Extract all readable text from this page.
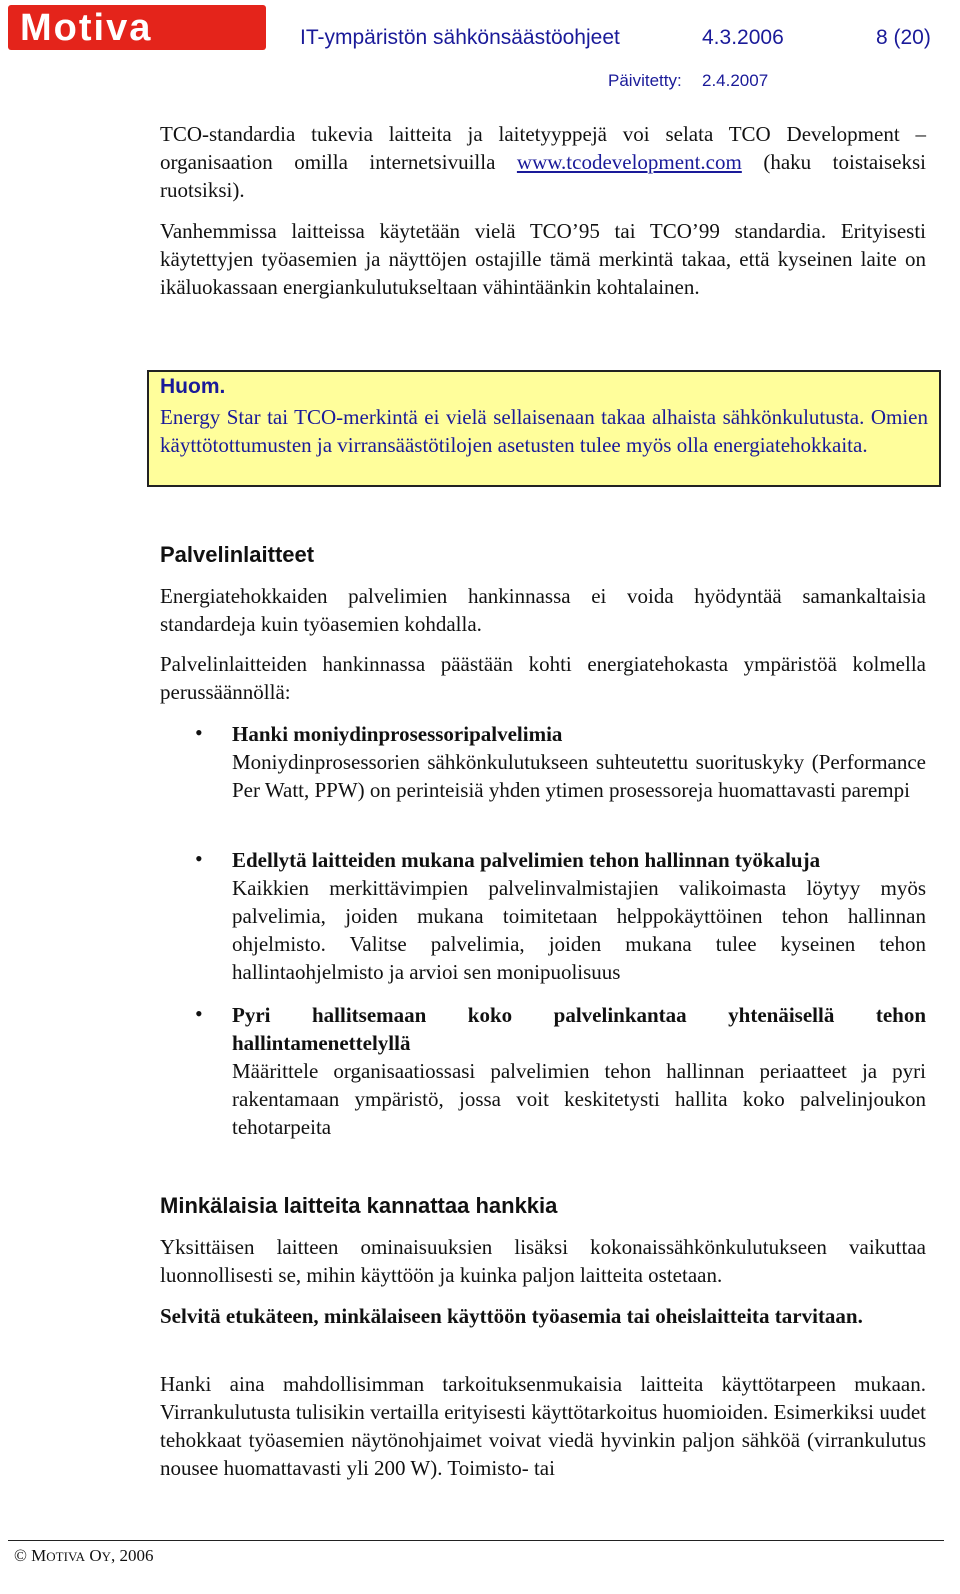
Motiva	IT-ympäristön sähkönsäästöohjeet	4.3.2006	8 (20)
Päivitetty: 2.4.2007
TCO-standardia tukevia laitteita ja laitetyyppejä voi selata TCO Development –organisaation omilla internetsivuilla www.tcodevelopment.com (haku toistaiseksi ruotsiksi).
Vanhemmissa laitteissa käytetään vielä TCO’95 tai TCO’99 standardia. Erityisesti käytettyjen työasemien ja näyttöjen ostajille tämä merkintä takaa, että kyseinen laite on ikäluokassaan energiankulutukseltaan vähintäänkin kohtalainen.
Huom.
Energy Star tai TCO-merkintä ei vielä sellaisenaan takaa alhaista sähkönkulutusta. Omien käyttötottumusten ja virransäästötilojen asetusten tulee myös olla energiatehokkaita.
Palvelinlaitteet
Energiatehokkaiden palvelimien hankinnassa ei voida hyödyntää samankaltaisia standardeja kuin työasemien kohdalla.
Palvelinlaitteiden hankinnassa päästään kohti energiatehokasta ympäristöä kolmella perussäännöllä:
• Hanki moniydinprosessoripalvelimia
Moniydinprosessorien sähkönkulutukseen suhteutettu suorituskyky (Performance Per Watt, PPW) on perinteisiä yhden ytimen prosessoreja huomattavasti parempi
• Edellytä laitteiden mukana palvelimien tehon hallinnan työkaluja
Kaikkien merkittävimpien palvelinvalmistajien valikoimasta löytyy myös palvelimia, joiden mukana toimitetaan helppokäyttöinen tehon hallinnan ohjelmisto. Valitse palvelimia, joiden mukana tulee kyseinen tehon hallintaohjelmisto ja arvioi sen monipuolisuus
• Pyri hallitsemaan koko palvelinkantaa yhtenäisellä tehon hallintamenettelyllä
Määrittele organisaatiossasi palvelimien tehon hallinnan periaatteet ja pyri rakentamaan ympäristö, jossa voit keskitetysti hallita koko palvelinjoukon tehotarpeita
Minkälaisia laitteita kannattaa hankkia
Yksittäisen laitteen ominaisuuksien lisäksi kokonaissähkönkulutukseen vaikuttaa luonnollisesti se, mihin käyttöön ja kuinka paljon laitteita ostetaan.
Selvitä etukäteen, minkälaiseen käyttöön työasemia tai oheislaitteita tarvitaan.
Hanki aina mahdollisimman tarkoituksenmukaisia laitteita käyttötarpeen mukaan. Virrankulutusta tulisikin vertailla erityisesti käyttötarkoitus huomioiden. Esimerkiksi uudet tehokkaat työasemien näytönohjaimet voivat viedä hyvinkin paljon sähköä (virrankulutus nousee huomattavasti yli 200 W). Toimisto- tai
© MOTIVA OY, 2006
